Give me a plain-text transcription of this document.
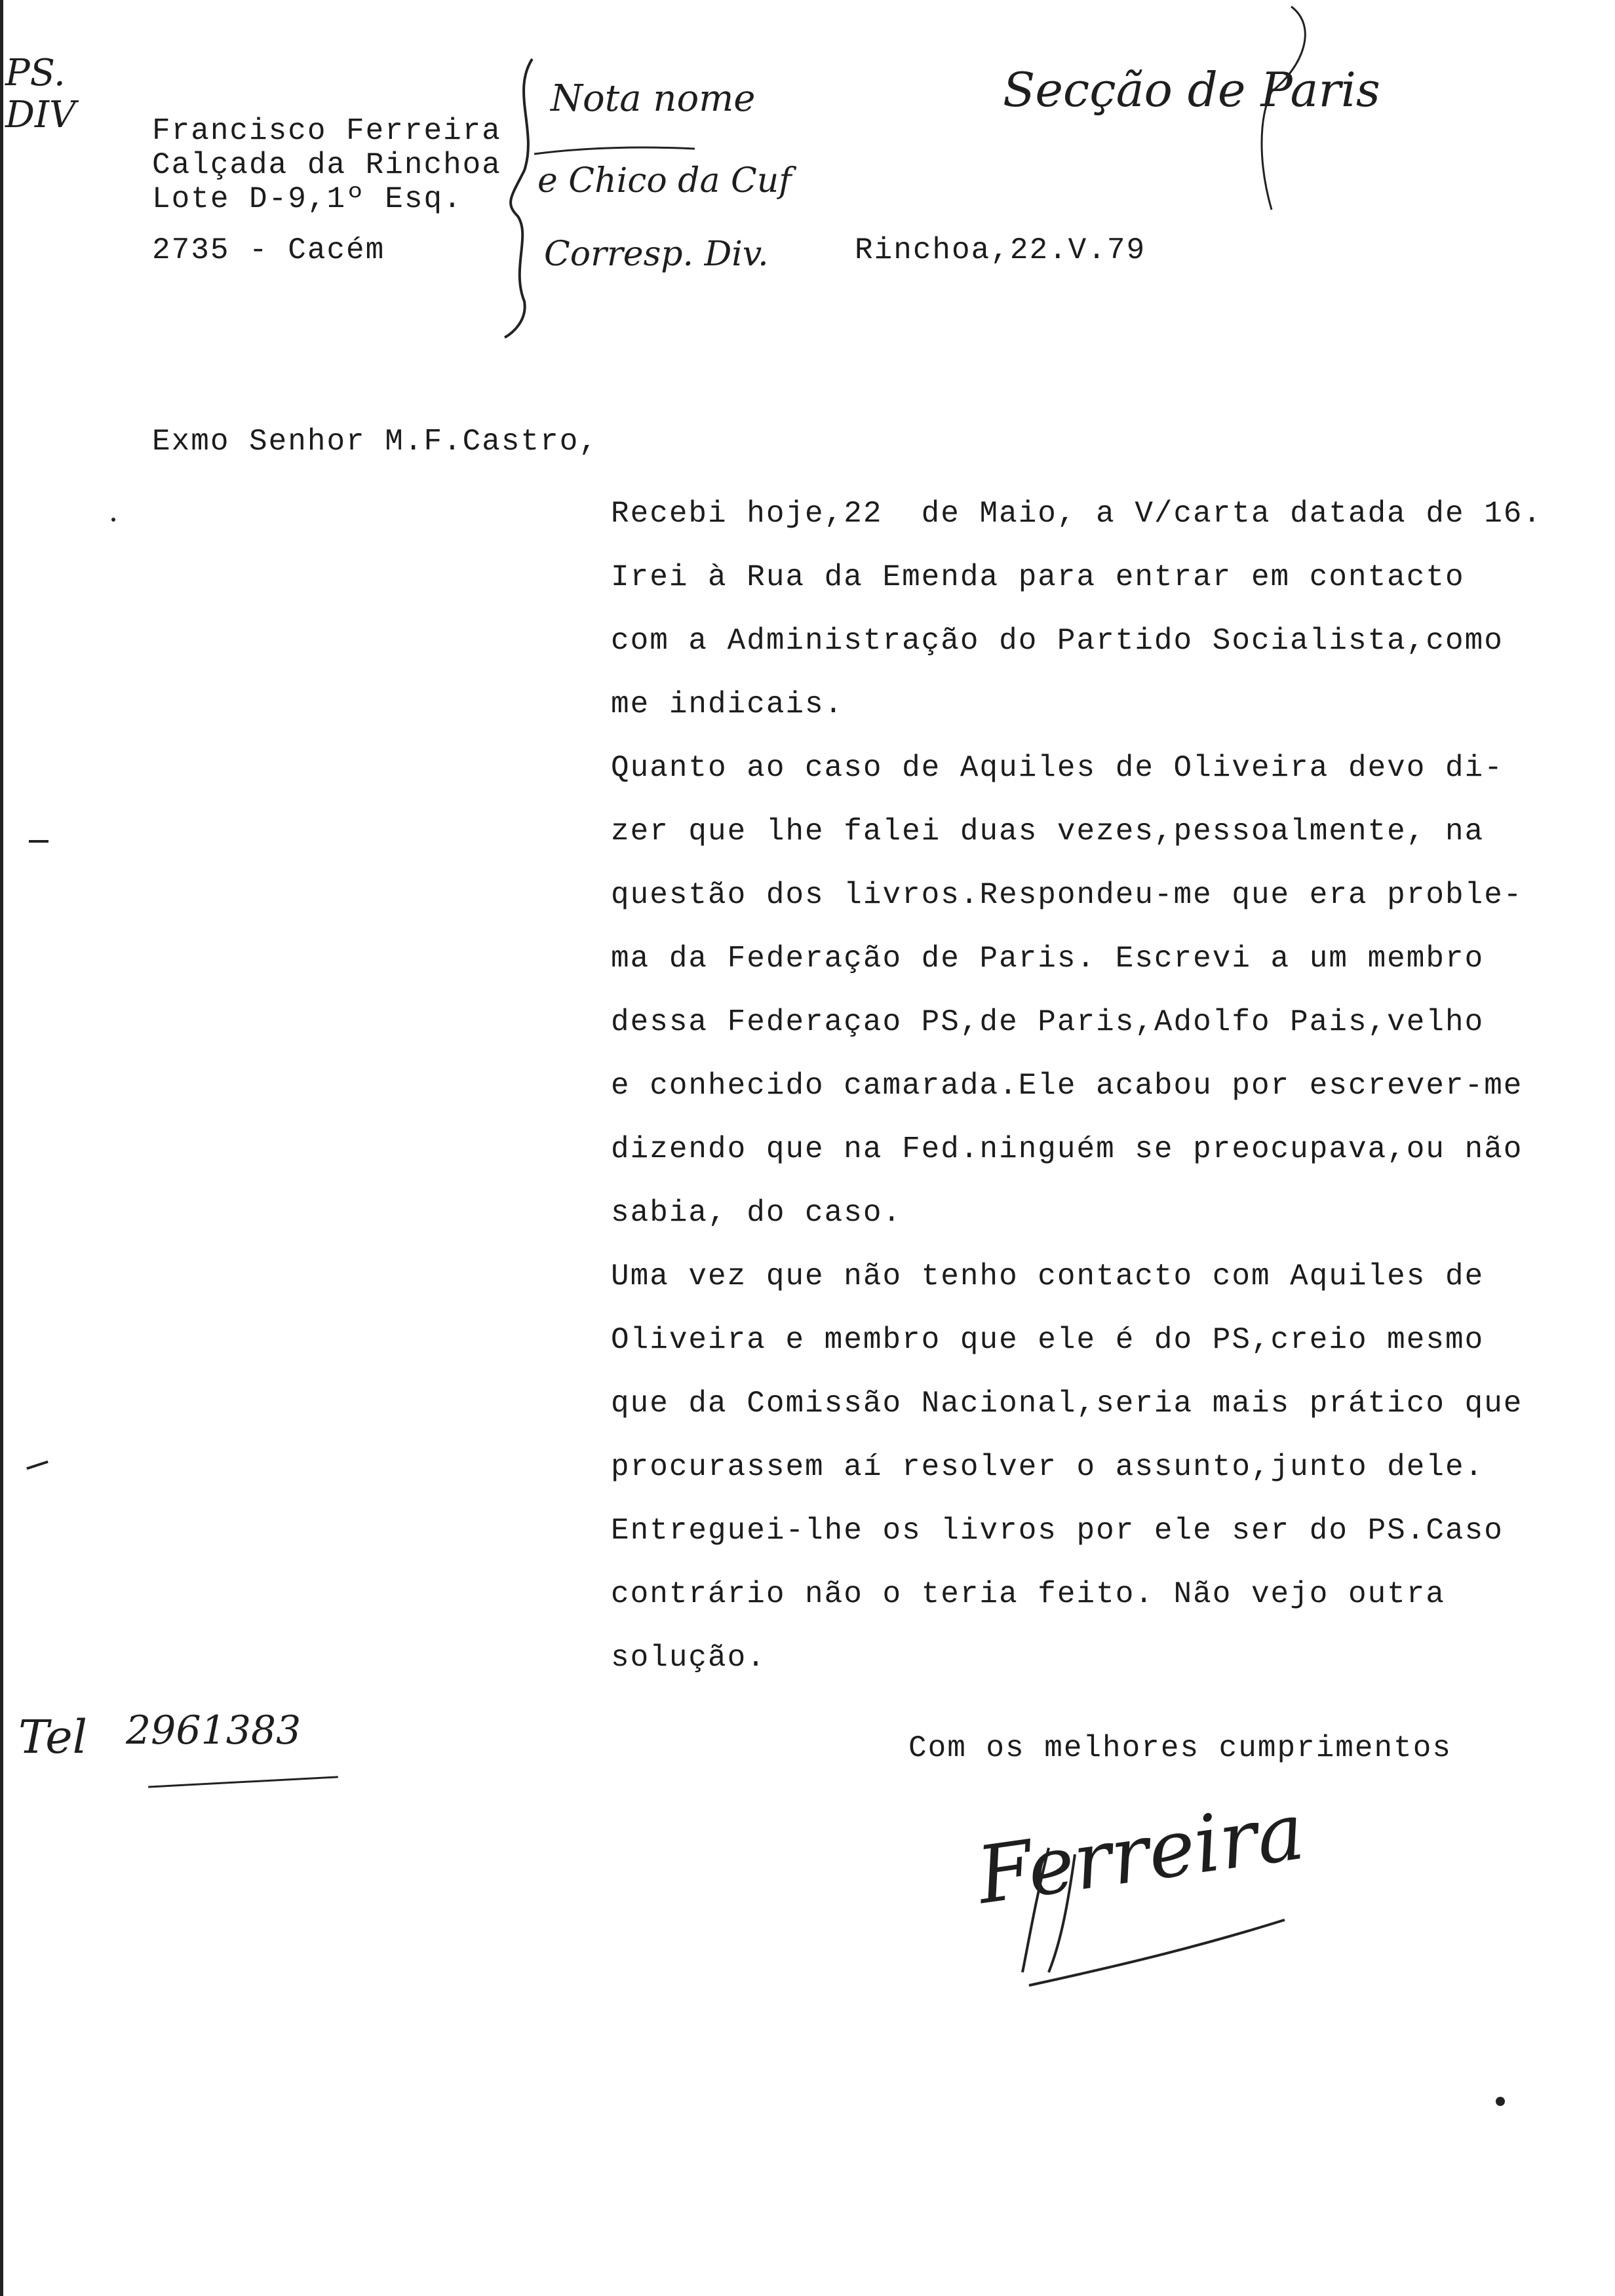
PS. DIV	Francisco Ferreira
Calçada da Rinchoa
Lote D-9,1º Esq.
2735 - Cacém
Nota nome
e Chico da Cuf
Corresp. Div.
Secção de Paris
Rinchoa,22.V.79
Exmo Senhor M.F.Castro,
Recebi hoje,22  de Maio, a V/carta datada de 16.
Irei à Rua da Emenda para entrar em contacto
com a Administração do Partido Socialista,como
me indicais.
Quanto ao caso de Aquiles de Oliveira devo di-
zer que lhe falei duas vezes,pessoalmente, na
questão dos livros.Respondeu-me que era proble-
ma da Federação de Paris. Escrevi a um membro
dessa Federaçao PS,de Paris,Adolfo Pais,velho
e conhecido camarada.Ele acabou por escrever-me
dizendo que na Fed.ninguém se preocupava,ou não
sabia, do caso.
Uma vez que não tenho contacto com Aquiles de
Oliveira e membro que ele é do PS,creio mesmo
que da Comissão Nacional,seria mais prático que
procurassem aí resolver o assunto,junto dele.
Entreguei-lhe os livros por ele ser do PS.Caso
contrário não o teria feito. Não vejo outra
solução.
Com os melhores cumprimentos
Ferreira
Tel 2961383
